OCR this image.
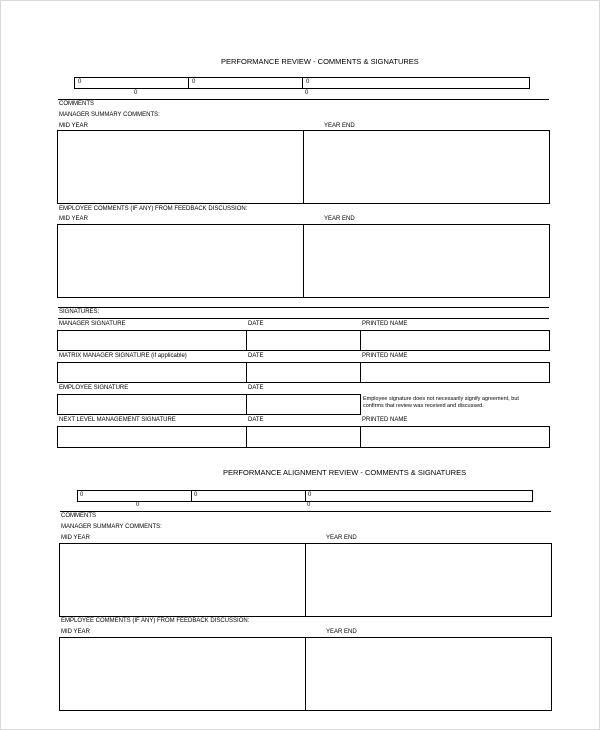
PERFORMANCE REVIEW - COMMENTS & SIGNATURES
0	0	0
0	0
COMMENTS
MANAGER SUMMARY COMMENTS:
MID YEAR	YEAR END
EMPLOYEE COMMENTS (IF ANY) FROM FEEDBACK DISCUSSION:
MID YEAR	YEAR END
SIGNATURES:
MANAGER SIGNATURE	DATE	PRINTED NAME
MATRIX MANAGER SIGNATURE (if applicable)	DATE	PRINTED NAME
EMPLOYEE SIGNATURE	DATE
Employee signature does not necessarily signify agreement, but
confirms that review was received and discussed.
NEXT LEVEL MANAGEMENT SIGNATURE	DATE	PRINTED NAME
PERFORMANCE ALIGNMENT REVIEW - COMMENTS & SIGNATURES
0	0	0
0	0
COMMENTS
MANAGER SUMMARY COMMENTS:
MID YEAR	YEAR END
EMPLOYEE COMMENTS (IF ANY) FROM FEEDBACK DISCUSSION:
MID YEAR	YEAR END
